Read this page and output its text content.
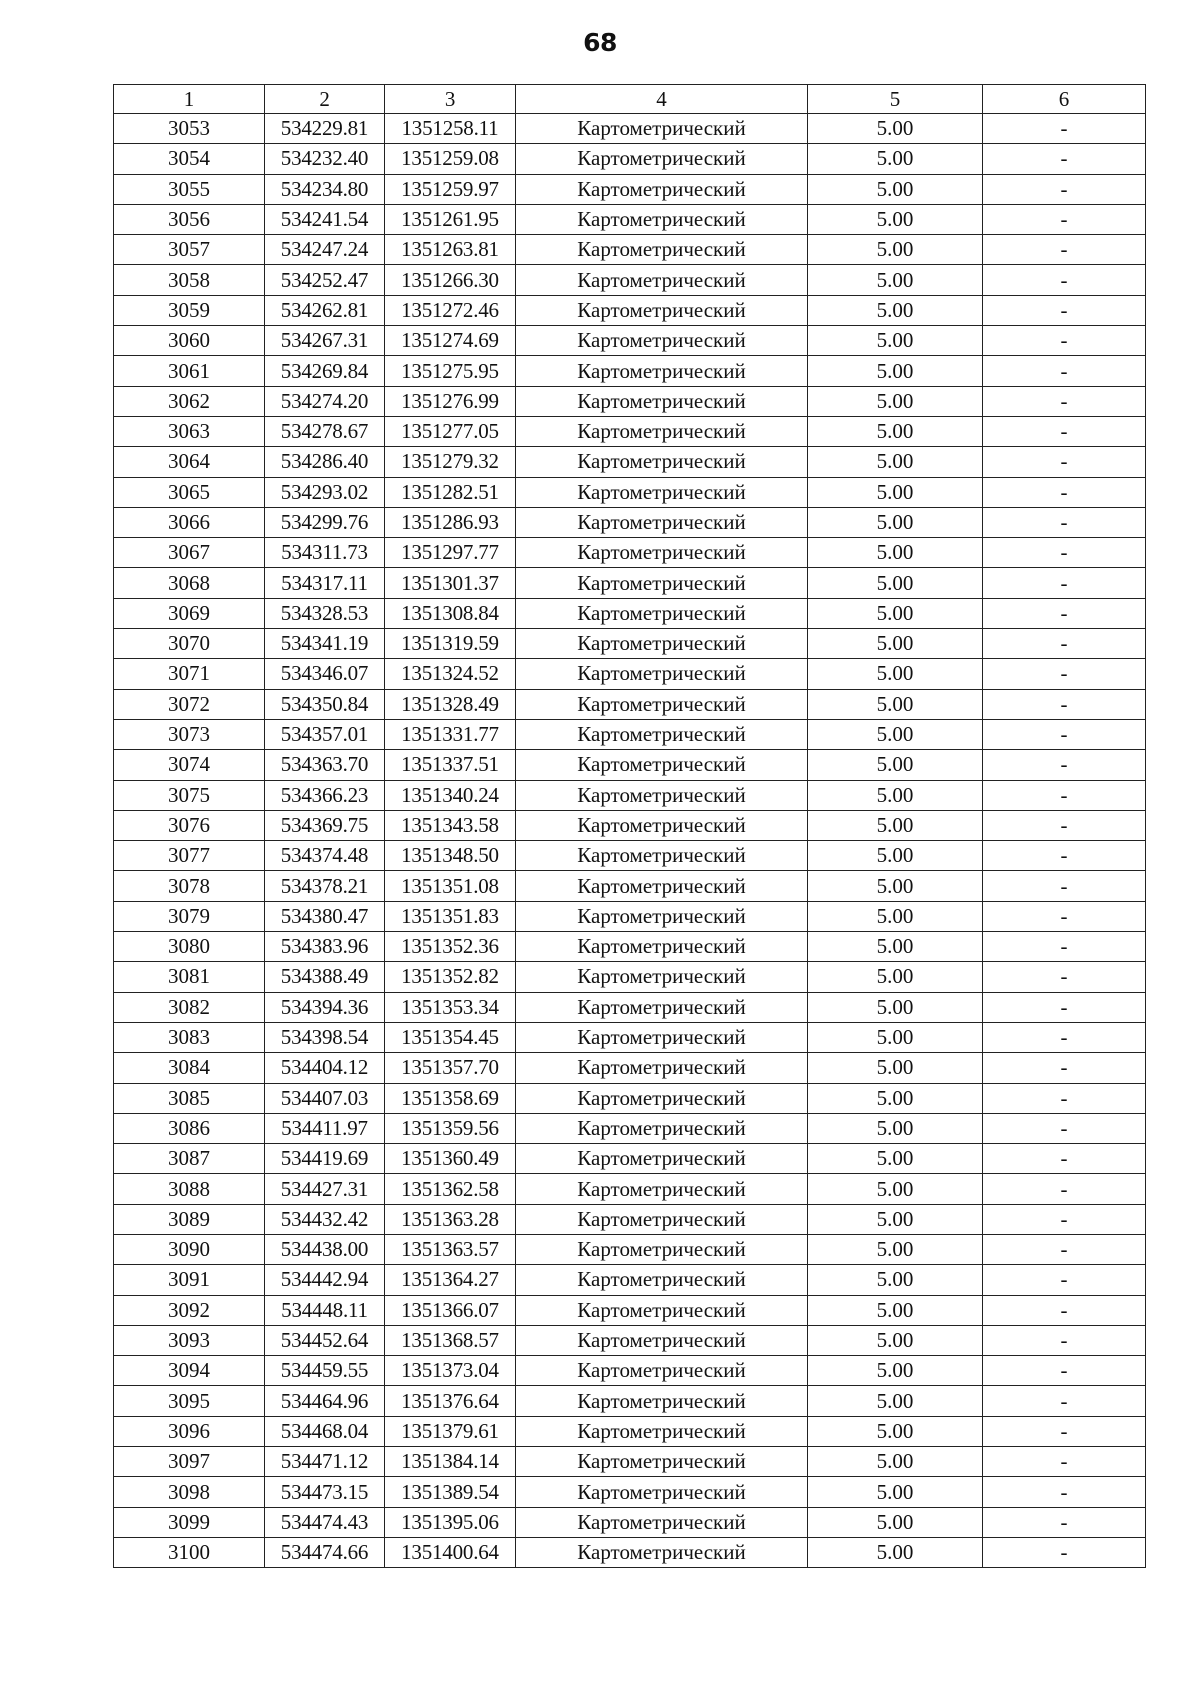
68
1	2	3	4	5	6
3053	534229.81	1351258.11	Картометрический	5.00	-
3054	534232.40	1351259.08	Картометрический	5.00	-
3055	534234.80	1351259.97	Картометрический	5.00	-
3056	534241.54	1351261.95	Картометрический	5.00	-
3057	534247.24	1351263.81	Картометрический	5.00	-
3058	534252.47	1351266.30	Картометрический	5.00	-
3059	534262.81	1351272.46	Картометрический	5.00	-
3060	534267.31	1351274.69	Картометрический	5.00	-
3061	534269.84	1351275.95	Картометрический	5.00	-
3062	534274.20	1351276.99	Картометрический	5.00	-
3063	534278.67	1351277.05	Картометрический	5.00	-
3064	534286.40	1351279.32	Картометрический	5.00	-
3065	534293.02	1351282.51	Картометрический	5.00	-
3066	534299.76	1351286.93	Картометрический	5.00	-
3067	534311.73	1351297.77	Картометрический	5.00	-
3068	534317.11	1351301.37	Картометрический	5.00	-
3069	534328.53	1351308.84	Картометрический	5.00	-
3070	534341.19	1351319.59	Картометрический	5.00	-
3071	534346.07	1351324.52	Картометрический	5.00	-
3072	534350.84	1351328.49	Картометрический	5.00	-
3073	534357.01	1351331.77	Картометрический	5.00	-
3074	534363.70	1351337.51	Картометрический	5.00	-
3075	534366.23	1351340.24	Картометрический	5.00	-
3076	534369.75	1351343.58	Картометрический	5.00	-
3077	534374.48	1351348.50	Картометрический	5.00	-
3078	534378.21	1351351.08	Картометрический	5.00	-
3079	534380.47	1351351.83	Картометрический	5.00	-
3080	534383.96	1351352.36	Картометрический	5.00	-
3081	534388.49	1351352.82	Картометрический	5.00	-
3082	534394.36	1351353.34	Картометрический	5.00	-
3083	534398.54	1351354.45	Картометрический	5.00	-
3084	534404.12	1351357.70	Картометрический	5.00	-
3085	534407.03	1351358.69	Картометрический	5.00	-
3086	534411.97	1351359.56	Картометрический	5.00	-
3087	534419.69	1351360.49	Картометрический	5.00	-
3088	534427.31	1351362.58	Картометрический	5.00	-
3089	534432.42	1351363.28	Картометрический	5.00	-
3090	534438.00	1351363.57	Картометрический	5.00	-
3091	534442.94	1351364.27	Картометрический	5.00	-
3092	534448.11	1351366.07	Картометрический	5.00	-
3093	534452.64	1351368.57	Картометрический	5.00	-
3094	534459.55	1351373.04	Картометрический	5.00	-
3095	534464.96	1351376.64	Картометрический	5.00	-
3096	534468.04	1351379.61	Картометрический	5.00	-
3097	534471.12	1351384.14	Картометрический	5.00	-
3098	534473.15	1351389.54	Картометрический	5.00	-
3099	534474.43	1351395.06	Картометрический	5.00	-
3100	534474.66	1351400.64	Картометрический	5.00	-
